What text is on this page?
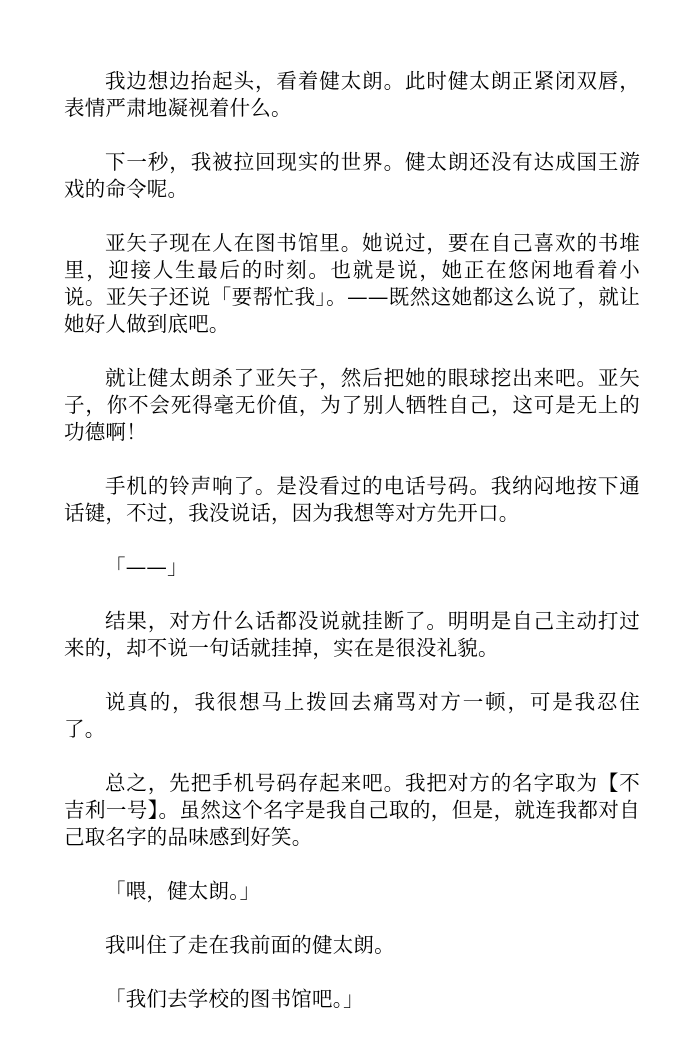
我边想边抬起头，看着健太朗。此时健太朗正紧闭双唇，表情严肃地凝视着什么。

下一秒，我被拉回现实的世界。健太朗还没有达成国王游戏的命令呢。

亚矢子现在人在图书馆里。她说过，要在自己喜欢的书堆里，迎接人生最后的时刻。也就是说，她正在悠闲地看着小说。亚矢子还说「要帮忙我」。——既然这她都这么说了，就让她好人做到底吧。

就让健太朗杀了亚矢子，然后把她的眼球挖出来吧。亚矢子，你不会死得毫无价值，为了别人牺牲自己，这可是无上的功德啊！

手机的铃声响了。是没看过的电话号码。我纳闷地按下通话键，不过，我没说话，因为我想等对方先开口。

「——」

结果，对方什么话都没说就挂断了。明明是自己主动打过来的，却不说一句话就挂掉，实在是很没礼貌。

说真的，我很想马上拨回去痛骂对方一顿，可是我忍住了。

总之，先把手机号码存起来吧。我把对方的名字取为【不吉利一号】。虽然这个名字是我自己取的，但是，就连我都对自己取名字的品味感到好笑。

「喂，健太朗。」

我叫住了走在我前面的健太朗。

「我们去学校的图书馆吧。」
